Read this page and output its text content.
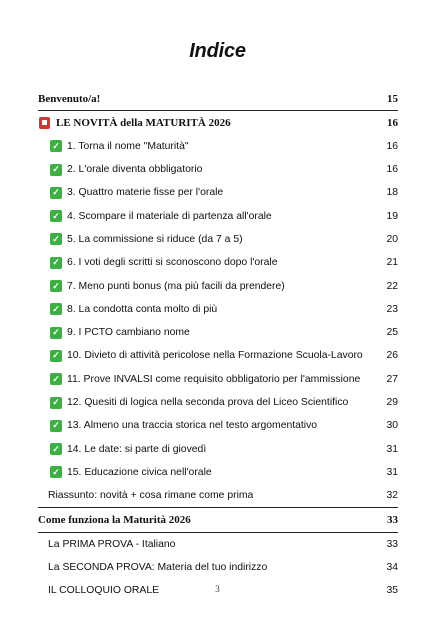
Indice
Benvenuto/a!	15
LE NOVITÀ della MATURITÀ 2026	16
✓ 1. Torna il nome "Maturità"	16
✓ 2. L'orale diventa obbligatorio	16
✓ 3. Quattro materie fisse per l'orale	18
✓ 4. Scompare il materiale di partenza all'orale	19
✓ 5. La commissione si riduce (da 7 a 5)	20
✓ 6. I voti degli scritti si sconoscono dopo l'orale	21
✓ 7. Meno punti bonus (ma più facili da prendere)	22
✓ 8. La condotta conta molto di più	23
✓ 9. I PCTO cambiano nome	25
✓ 10. Divieto di attività pericolose nella Formazione Scuola-Lavoro	26
✓ 11. Prove INVALSI come requisito obbligatorio per l'ammissione	27
✓ 12. Quesiti di logica nella seconda prova del Liceo Scientifico	29
✓ 13. Almeno una traccia storica nel testo argomentativo	30
✓ 14. Le date: si parte di giovedì	31
✓ 15. Educazione civica nell'orale	31
Riassunto: novità + cosa rimane come prima	32
Come funziona la Maturità 2026	33
La PRIMA PROVA - Italiano	33
La SECONDA PROVA: Materia del tuo indirizzo	34
IL COLLOQUIO ORALE	35
3
